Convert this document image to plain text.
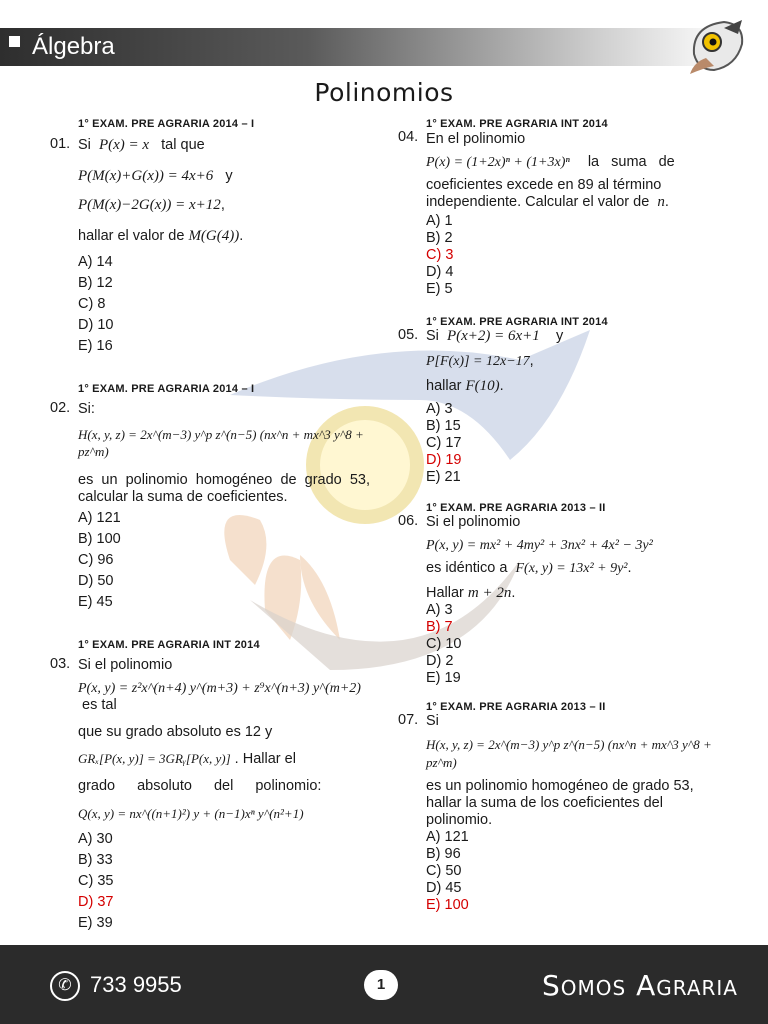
Álgebra
Polinomios
1° EXAM. PRE AGRARIA 2014 – I
01. Si P(x) = x tal que
P(M(x)+G(x)) = 4x+6 y
P(M(x)−2G(x)) = x+12,
hallar el valor de M(G(4)).
A) 14
B) 12
C) 8
D) 10
E) 16
1° EXAM. PRE AGRARIA 2014 – I
02. Si:
H(x, y, z) = 2x^(m−3) y^p z^(n−5) (nx^n + mx^3 y^8 + pz^m)
es un polinomio homogéneo de grado 53, calcular la suma de coeficientes.
A) 121
B) 100
C) 96
D) 50
E) 45
1° EXAM. PRE AGRARIA INT 2014
03. Si el polinomio
P(x, y) = z²x^(n+4) y^(m+3) + z⁹x^(n+3) y^(m+2)  es tal
que su grado absoluto es 12 y
GRₓ[P(x, y)] = 3GRᵧ[P(x, y)] . Hallar el
grado absoluto del polinomio:
Q(x, y) = nx^((n+1)²) y + (n−1)xⁿ y^(n²+1)
A) 30
B) 33
C) 35
D) 37
E) 39
1° EXAM. PRE AGRARIA INT 2014
04. En el polinomio
P(x) = (1+2x)ⁿ + (1+3x)ⁿ la suma de
coeficientes excede en 89 al término independiente. Calcular el valor de n.
A) 1
B) 2
C) 3
D) 4
E) 5
1° EXAM. PRE AGRARIA INT 2014
05. Si P(x+2) = 6x+1 y
P[F(x)] = 12x−17,
hallar F(10).
A) 3
B) 15
C) 17
D) 19
E) 21
1° EXAM. PRE AGRARIA 2013 – II
06. Si el polinomio
P(x, y) = mx² + 4my² + 3nx² + 4x² − 3y²
es idéntico a F(x, y) = 13x² + 9y².
Hallar m + 2n.
A) 3
B) 7
C) 10
D) 2
E) 19
1° EXAM. PRE AGRARIA 2013 – II
07. Si
H(x, y, z) = 2x^(m−3) y^p z^(n−5) (nx^n + mx^3 y^8 + pz^m)
es un polinomio homogéneo de grado 53, hallar la suma de los coeficientes del polinomio.
A) 121
B) 96
C) 50
D) 45
E) 100
✆ 733 9955	1	Somos Agraria
